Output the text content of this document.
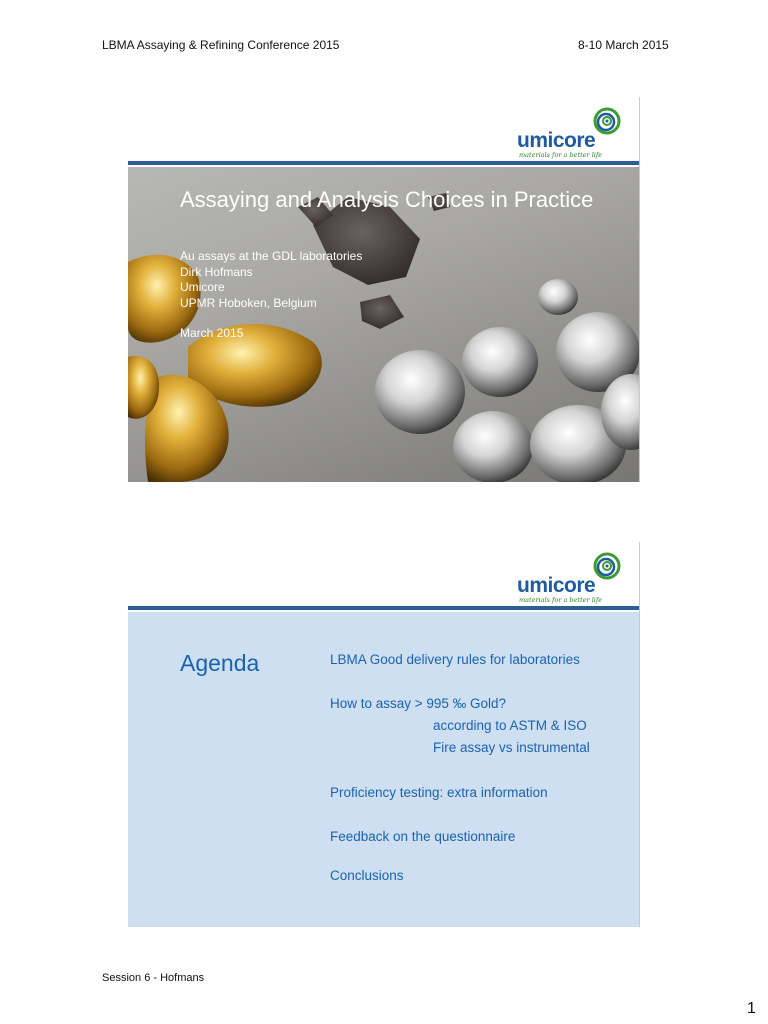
LBMA Assaying & Refining Conference 2015	8-10 March 2015
umicore
materials for a better life
Assaying and Analysis Choices in Practice
Au assays at the GDL laboratories
Dirk Hofmans
Umicore
UPMR Hoboken, Belgium
March 2015
umicore
materials for a better life
Agenda	LBMA Good delivery rules for laboratories
How to assay > 995 ‰ Gold?
according to ASTM & ISO
Fire assay vs instrumental
Proficiency testing: extra information
Feedback on the questionnaire
Conclusions
Session 6 - Hofmans
1
